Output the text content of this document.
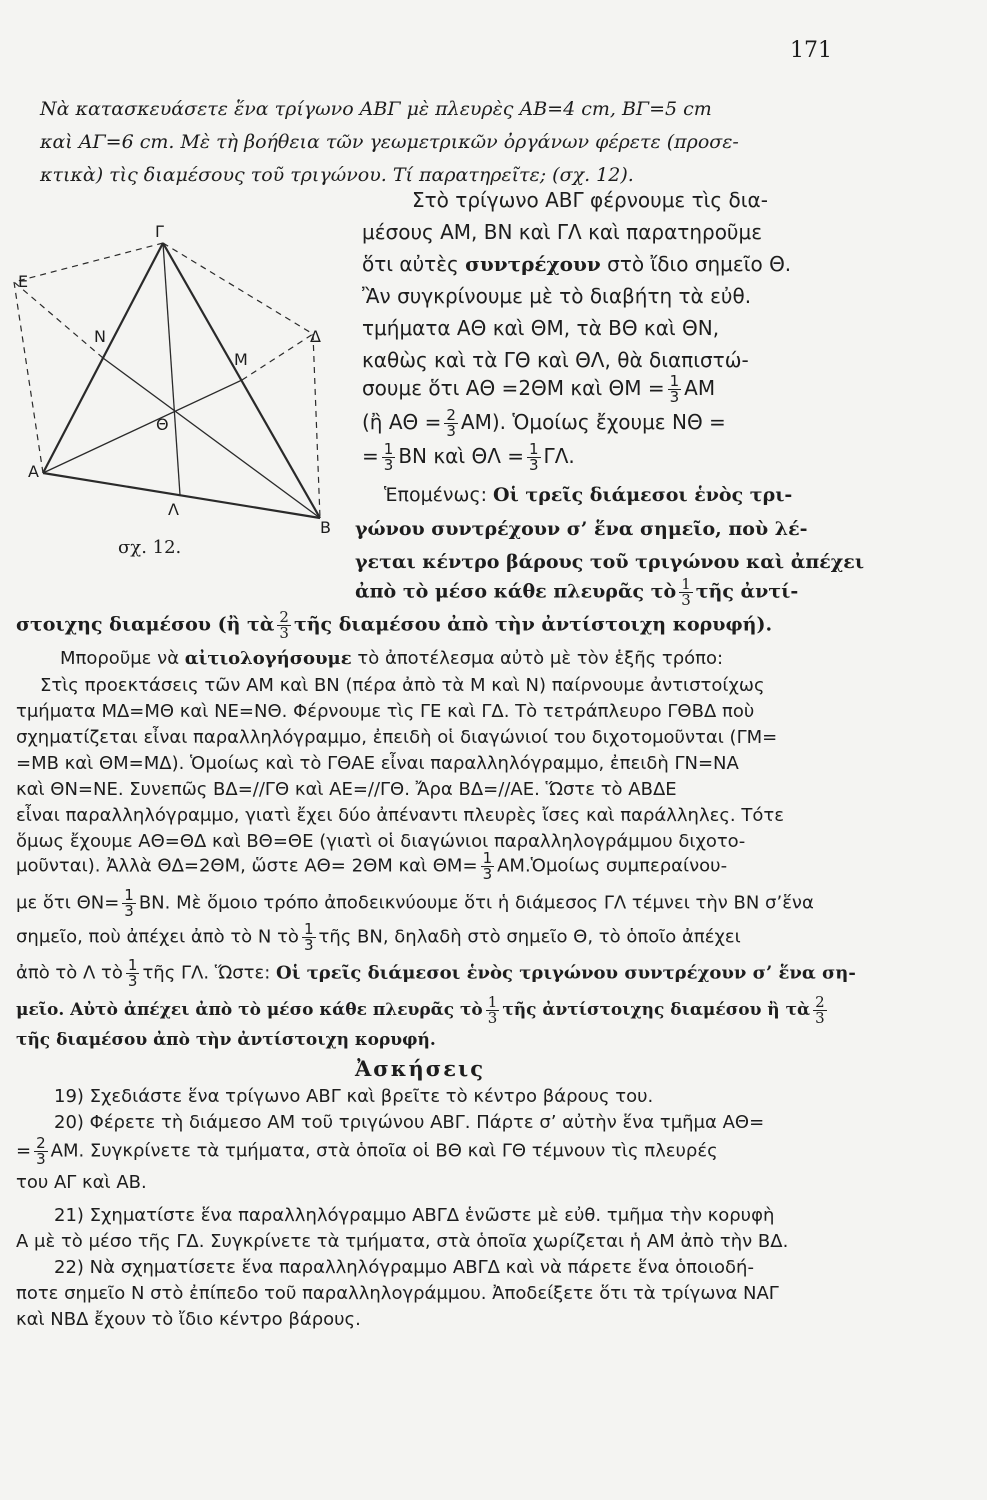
171
Νὰ κατασκευάσετε ἕνα τρίγωνο ΑΒΓ μὲ πλευρὲς ΑΒ=4 cm, ΒΓ=5 cm
καὶ ΑΓ=6 cm. Μὲ τὴ βοήθεια τῶν γεωμετρικῶν ὀργάνων φέρετε (προσε-
κτικὰ) τὶς διαμέσους τοῦ τριγώνου. Τί παρατηρεῖτε; (σχ. 12).
Γ
Ε
Ν	Δ
Μ
Θ
Α
Λ
Β
σχ. 12.
Στὸ τρίγωνο ΑΒΓ φέρνουμε τὶς δια-
μέσους ΑΜ, ΒΝ καὶ ΓΛ καὶ παρατηροῦμε
ὅτι αὐτὲς συντρέχουν στὸ ἴδιο σημεῖο Θ.
Ἂν συγκρίνουμε μὲ τὸ διαβήτη τὰ εὐθ.
τμήματα ΑΘ καὶ ΘΜ, τὰ ΒΘ καὶ ΘΝ,
καθὼς καὶ τὰ ΓΘ καὶ ΘΛ, θὰ διαπιστώ-
σουμε ὅτι ΑΘ =2ΘΜ καὶ $\Theta M = \frac{1}{3}$ ΑΜ
(ἢ $A\Theta = \frac{2}{3} AM$). Ὁμοίως ἔχουμε ΝΘ =
= $\frac{1}{3}$ ΒΝ καὶ $\Theta\Lambda = \frac{1}{3} \Gamma\Lambda$.
Ἑπομένως: Οἱ τρεῖς διάμεσοι ἑνὸς τρι-
γώνου συντρέχουν σ’ ἕνα σημεῖο, ποὺ λέ-
γεται κέντρο βάρους τοῦ τριγώνου καὶ ἀπέχει
ἀπὸ τὸ μέσο κάθε πλευρᾶς τὸ $\frac{1}{3}$ τῆς ἀντί-
στοιχης διαμέσου (ἢ τὰ $\frac{2}{3}$ τῆς διαμέσου ἀπὸ τὴν ἀντίστοιχη κορυφή).
Μποροῦμε νὰ αἰτιολογήσουμε τὸ ἀποτέλεσμα αὐτὸ μὲ τὸν ἑξῆς τρόπο:
Στὶς προεκτάσεις τῶν ΑΜ καὶ ΒΝ (πέρα ἀπὸ τὰ Μ καὶ Ν) παίρνουμε ἀντιστοίχως
τμήματα ΜΔ=ΜΘ καὶ ΝΕ=ΝΘ. Φέρνουμε τὶς ΓΕ καὶ ΓΔ. Τὸ τετράπλευρο ΓΘΒΔ ποὺ
σχηματίζεται εἶναι παραλληλόγραμμο, ἐπειδὴ οἱ διαγώνιοί του διχοτομοῦνται (ΓΜ=
=ΜΒ καὶ ΘΜ=ΜΔ). Ὁμοίως καὶ τὸ ΓΘΑΕ εἶναι παραλληλόγραμμο, ἐπειδὴ ΓΝ=ΝΑ
καὶ ΘΝ=ΝΕ. Συνεπῶς ΒΔ=//ΓΘ καὶ ΑΕ=//ΓΘ. Ἄρα ΒΔ=//ΑΕ. Ὥστε τὸ ΑΒΔΕ
εἶναι παραλληλόγραμμο, γιατὶ ἔχει δύο ἀπέναντι πλευρὲς ἴσες καὶ παράλληλες. Τότε
ὅμως ἔχουμε ΑΘ=ΘΔ καὶ ΒΘ=ΘΕ (γιατὶ οἱ διαγώνιοι παραλληλογράμμου διχοτο-
μοῦνται). Ἀλλὰ ΘΔ=2ΘΜ, ὥστε ΑΘ= 2ΘΜ καὶ $\Theta M= \frac{1}{3}$ ΑΜ.Ὁμοίως συμπεραίνου-
με ὅτι $\Theta N= \frac{1}{3} BN$. Μὲ ὅμοιο τρόπο ἀποδεικνύουμε ὅτι ἡ διάμεσος ΓΛ τέμνει τὴν ΒΝ σ’ἕνα
σημεῖο, ποὺ ἀπέχει ἀπὸ τὸ Ν τὸ $\frac{1}{3}$ τῆς ΒΝ, δηλαδὴ στὸ σημεῖο Θ, τὸ ὁποῖο ἀπέχει
ἀπὸ τὸ Λ τὸ $\frac{1}{3}$ τῆς ΓΛ. Ὥστε: Οἱ τρεῖς διάμεσοι ἑνὸς τριγώνου συντρέχουν σ’ ἕνα ση-
μεῖο. Αὐτὸ ἀπέχει ἀπὸ τὸ μέσο κάθε πλευρᾶς τὸ $\frac{1}{3}$ τῆς ἀντίστοιχης διαμέσου ἢ τὰ $\frac{2}{3}$
τῆς διαμέσου ἀπὸ τὴν ἀντίστοιχη κορυφή.
Ἀσκήσεις
19) Σχεδιάστε ἕνα τρίγωνο ΑΒΓ καὶ βρεῖτε τὸ κέντρο βάρους του.
20) Φέρετε τὴ διάμεσο ΑΜ τοῦ τριγώνου ΑΒΓ. Πάρτε σ’ αὐτὴν ἕνα τμῆμα ΑΘ=
= $\frac{2}{3} AM$. Συγκρίνετε τὰ τμήματα, στὰ ὁποῖα οἱ ΒΘ καὶ ΓΘ τέμνουν τὶς πλευρές
του ΑΓ καὶ ΑΒ.
21) Σχηματίστε ἕνα παραλληλόγραμμο ΑΒΓΔ ἑνῶστε μὲ εὐθ. τμῆμα τὴν κορυφὴ
Α μὲ τὸ μέσο τῆς ΓΔ. Συγκρίνετε τὰ τμήματα, στὰ ὁποῖα χωρίζεται ἡ ΑΜ ἀπὸ τὴν ΒΔ.
22) Νὰ σχηματίσετε ἕνα παραλληλόγραμμο ΑΒΓΔ καὶ νὰ πάρετε ἕνα ὁποιοδή-
ποτε σημεῖο Ν στὸ ἐπίπεδο τοῦ παραλληλογράμμου. Ἀποδείξετε ὅτι τὰ τρίγωνα ΝΑΓ
καὶ ΝΒΔ ἔχουν τὸ ἴδιο κέντρο βάρους.
